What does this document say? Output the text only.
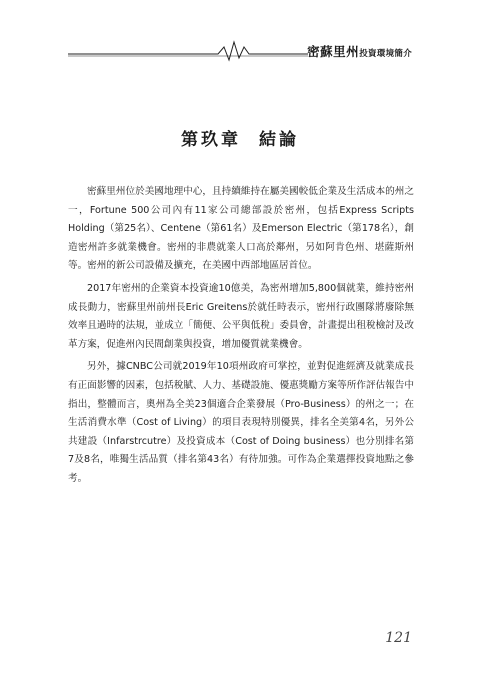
密蘇里州投資環境簡介
第玖章 結論

密蘇里州位於美國地理中心，且持續維持在屬美國較低企業及生活成本的州之一，Fortune 500公司內有11家公司總部設於密州，包括Express Scripts Holding（第25名）、Centene（第61名）及Emerson Electric（第178名），創造密州許多就業機會。密州的非農就業人口高於鄰州，另如阿肯色州、堪薩斯州等。密州的新公司設備及擴充，在美國中西部地區居首位。

2017年密州的企業資本投資逾10億美，為密州增加5,800個就業，維持密州成長動力，密蘇里州前州長Eric Greitens於就任時表示，密州行政團隊將廢除無效率且過時的法規，並成立「簡便、公平與低稅」委員會，計畫提出租稅檢討及改革方案，促進州內民間創業與投資，增加優質就業機會。

另外，據CNBC公司就2019年10項州政府可掌控，並對促進經濟及就業成長有正面影響的因素，包括稅賦、人力、基礎設施、優惠獎勵方案等所作評估報告中指出，整體而言，奧州為全美23個適合企業發展（Pro-Business）的州之一；在生活消費水準（Cost of Living）的項目表現特別優異，排名全美第4名，另外公共建設（Infarstrcutre）及投資成本（Cost of Doing business）也分別排名第7及8名，唯獨生活品質（排名第43名）有待加強。可作為企業選擇投資地點之參考。

121
